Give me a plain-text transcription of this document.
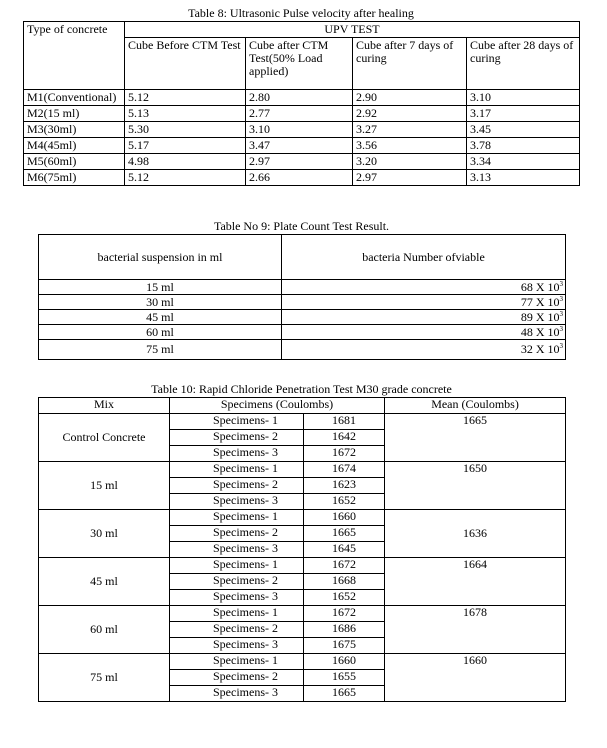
Table 8: Ultrasonic Pulse velocity after healing
Type of concrete	UPV TEST			
	Cube Before CTM Test	Cube after CTM Test(50% Load applied)	Cube after 7 days of curing	Cube after 28 days of curing
M1(Conventional)	5.12	2.80	2.90	3.10
M2(15 ml)	5.13	2.77	2.92	3.17
M3(30ml)	5.30	3.10	3.27	3.45
M4(45ml)	5.17	3.47	3.56	3.78
M5(60ml)	4.98	2.97	3.20	3.34
M6(75ml)	5.12	2.66	2.97	3.13
Table No 9: Plate Count Test Result.
bacterial suspension in ml	bacteria Number ofviable
15 ml	68 X $10^3$
30 ml	77 X $10^3$
45 ml	89 X $10^3$
60 ml	48 X $10^3$
75 ml	32 X $10^3$
Table 10: Rapid Chloride Penetration Test M30 grade concrete
Mix	Specimens (Coulombs)		Mean (Coulombs)
Control Concrete	Specimens- 1	1681	1665
	Specimens- 2	1642	
	Specimens- 3	1672	
15 ml	Specimens- 1	1674	1650
	Specimens- 2	1623	
	Specimens- 3	1652	
30 ml	Specimens- 1	1660	1636
	Specimens- 2	1665	
	Specimens- 3	1645	
45 ml	Specimens- 1	1672	1664
	Specimens- 2	1668	
	Specimens- 3	1652	
60 ml	Specimens- 1	1672	1678
	Specimens- 2	1686	
	Specimens- 3	1675	
75 ml	Specimens- 1	1660	1660
	Specimens- 2	1655	
	Specimens- 3	1665	
